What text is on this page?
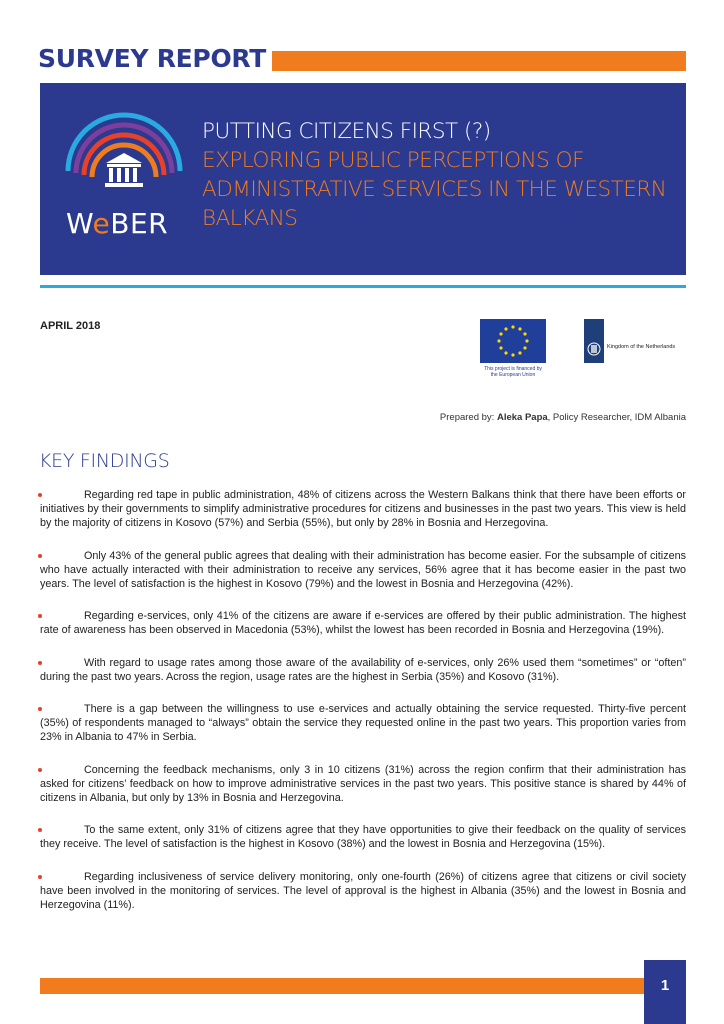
SURVEY REPORT
WeBER
PUTTING CITIZENS FIRST (?)
EXPLORING PUBLIC PERCEPTIONS OF ADMINISTRATIVE SERVICES IN THE WESTERN BALKANS
APRIL 2018
This project is financed by the European Union
Kingdom of the Netherlands
Prepared by: Aleka Papa, Policy Researcher, IDM Albania
KEY FINDINGS

Regarding red tape in public administration, 48% of citizens across the Western Balkans think that there have been efforts or initiatives by their governments to simplify administrative procedures for citizens and businesses in the past two years. This view is held by the majority of citizens in Kosovo (57%) and Serbia (55%), but only by 28% in Bosnia and Herzegovina.

Only 43% of the general public agrees that dealing with their administration has become easier. For the subsample of citizens who have actually interacted with their administration to receive any services, 56% agree that it has become easier in the past two years. The level of satisfaction is the highest in Kosovo (79%) and the lowest in Bosnia and Herzegovina (42%).

Regarding e-services, only 41% of the citizens are aware if e-services are offered by their public administration. The highest rate of awareness has been observed in Macedonia (53%), whilst the lowest has been recorded in Bosnia and Herzegovina (19%).

With regard to usage rates among those aware of the availability of e-services, only 26% used them “sometimes” or “often” during the past two years. Across the region, usage rates are the highest in Serbia (35%) and Kosovo (31%).

There is a gap between the willingness to use e-services and actually obtaining the service requested. Thirty-five percent (35%) of respondents managed to “always” obtain the service they requested online in the past two years. This proportion varies from 23% in Albania to 47% in Serbia.

Concerning the feedback mechanisms, only 3 in 10 citizens (31%) across the region confirm that their administration has asked for citizens’ feedback on how to improve administrative services in the past two years. This positive stance is shared by 44% of citizens in Albania, but only by 13% in Bosnia and Herzegovina.

To the same extent, only 31% of citizens agree that they have opportunities to give their feedback on the quality of services they receive. The level of satisfaction is the highest in Kosovo (38%) and the lowest in Bosnia and Herzegovina (15%).

Regarding inclusiveness of service delivery monitoring, only one-fourth (26%) of citizens agree that citizens or civil society have been involved in the monitoring of services. The level of approval is the highest in Albania (35%) and the lowest in Bosnia and Herzegovina (11%).

1
